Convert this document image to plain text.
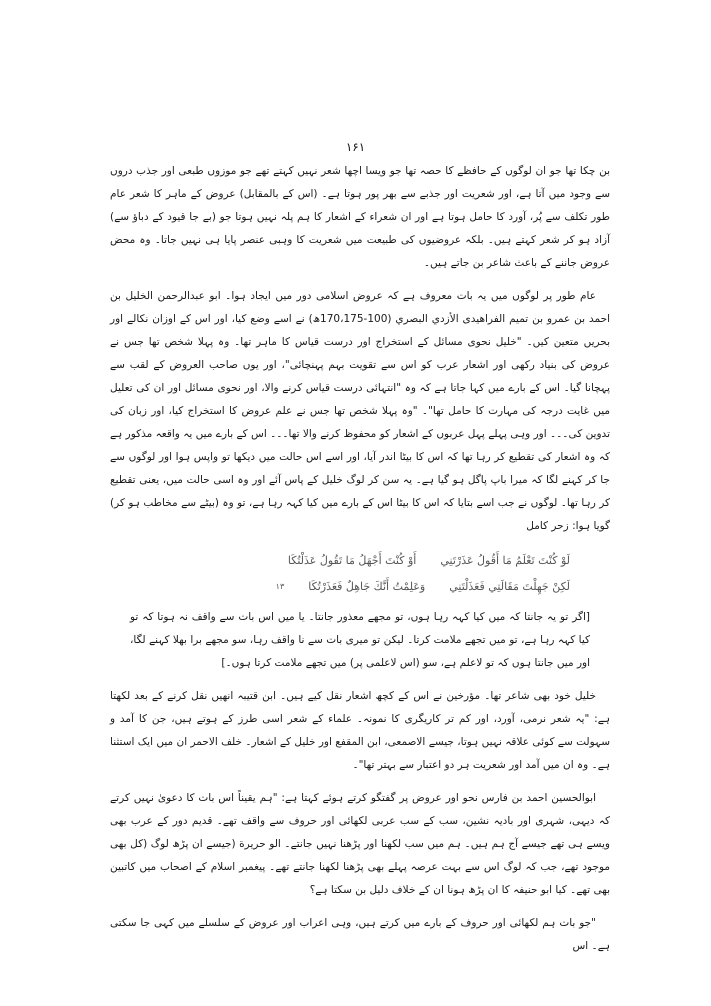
۱۶۱

بن چکا تھا جو ان لوگوں کے حافظے کا حصہ تھا جو ویسا اچھا شعر نہیں کہتے تھے جو موزوں طبعی اور جذب دروں سے وجود میں آتا ہے، اور شعریت اور جذبے سے بھر پور ہوتا ہے۔ (اس کے بالمقابل) عروض کے ماہر کا شعر عام طور تکلف سے پُر، آورد کا حامل ہوتا ہے اور ان شعراء کے اشعار کا ہم پلہ نہیں ہوتا جو (بے جا قیود کے دباؤ سے) آزاد ہو کر شعر کہتے ہیں۔ بلکہ عروضیوں کی طبیعت میں شعریت کا وہبی عنصر پایا ہی نہیں جاتا۔ وہ محض عروض جاننے کے باعث شاعر بن جاتے ہیں۔

عام طور پر لوگوں میں یہ بات معروف ہے کہ عروض اسلامی دور میں ایجاد ہوا۔ ابو عبدالرحمن الخلیل بن احمد بن عمرو بن تمیم الفراهیدی الأزدي البصري (100-170،175ھ) نے اسے وضع کیا، اور اس کے اوزان نکالے اور بحریں متعین کیں۔ "خلیل نحوی مسائل کے استخراج اور درست قیاس کا ماہر تھا۔ وہ پہلا شخص تھا جس نے عروض کی بنیاد رکھی اور اشعار عرب کو اس سے تقویت بہم پہنچائی"، اور یوں صاحب العروض کے لقب سے پہچانا گیا۔ اس کے بارے میں کہا جاتا ہے کہ وہ "انتہائی درست قیاس کرنے والا، اور نحوی مسائل اور ان کی تعلیل میں غایت درجہ کی مہارت کا حامل تھا"۔ "وہ پہلا شخص تھا جس نے علم عروض کا استخراج کیا، اور زبان کی تدوین کی۔۔۔ اور وہی پہلے پہل عربوں کے اشعار کو محفوظ کرنے والا تھا۔۔۔ اس کے بارے میں یہ واقعہ مذکور ہے کہ وہ اشعار کی تقطیع کر رہا تھا کہ اس کا بیٹا اندر آیا، اور اسے اس حالت میں دیکھا تو واپس ہوا اور لوگوں سے جا کر کہنے لگا کہ میرا باپ پاگل ہو گیا ہے۔ یہ سن کر لوگ خلیل کے پاس آئے اور وہ اسی حالت میں، یعنی تقطیع کر رہا تھا۔ لوگوں نے جب اسے بتایا کہ اس کا بیٹا اس کے بارے میں کیا کہہ رہا ہے، تو وہ (بیٹے سے مخاطب ہو کر) گویا ہوا: زحر کامل

لَوْ كُنْتَ تَعْلَمُ مَا أَقُولُ عَذَرْتَنِي
أَوْ كُنْتَ أَجْهَلُ مَا تَقُولُ عَذَلْتُكَا
لَكِنْ جَهِلْتَ مَقَالَتِي فَعَذَلْتَنِي
وَعَلِمْتُ أَنَّكَ جَاهِلٌ فَعَذَرْتُكَا
۱۳

[اگر تو یہ جانتا کہ میں کیا کہہ رہا ہوں، تو مجھے معذور جانتا۔ یا میں اس بات سے واقف نہ ہوتا کہ تو کیا کہہ رہا ہے، تو میں تجھے ملامت کرتا۔ لیکن تو میری بات سے نا واقف رہا، سو مجھے برا بھلا کہنے لگا، اور میں جانتا ہوں کہ تو لاعلم ہے، سو (اس لاعلمی پر) میں تجھے ملامت کرتا ہوں۔]

خلیل خود بھی شاعر تھا۔ مؤرخین نے اس کے کچھ اشعار نقل کیے ہیں۔ ابن قتیبہ انھیں نقل کرنے کے بعد لکھتا ہے: "یہ شعر نرمی، آورد، اور کم تر کاریگری کا نمونہ۔ علماء کے شعر اسی طرز کے ہوتے ہیں، جن کا آمد و سہولت سے کوئی علاقہ نہیں ہوتا، جیسے الاصمعی، ابن المقفع اور خلیل کے اشعار۔ خلف الاحمر ان میں ایک استثنا ہے۔ وہ ان میں آمد اور شعریت ہر دو اعتبار سے بہتر تھا"۔

ابوالحسین احمد بن فارس نحو اور عروض پر گفتگو کرتے ہوئے کہتا ہے: "ہم یقیناً اس بات کا دعویٰ نہیں کرتے کہ دیہی، شہری اور بادیہ نشین، سب کے سب عربی لکھائی اور حروف سے واقف تھے۔ قدیم دور کے عرب بھی ویسے ہی تھے جیسے آج ہم ہیں۔ ہم میں سب لکھنا اور پڑھنا نہیں جانتے۔ الو حریرة (جیسے ان پڑھ لوگ (کل بھی موجود تھے، جب کہ لوگ اس سے بہت عرصہ پہلے بھی پڑھنا لکھنا جانتے تھے۔ پیغمبر اسلام کے اصحاب میں کاتبین بھی تھے۔ کیا ابو حنیفہ کا ان پڑھ ہونا ان کے خلاف دلیل بن سکتا ہے؟

"جو بات ہم لکھائی اور حروف کے بارے میں کرتے ہیں، وہی اعراب اور عروض کے سلسلے میں کہی جا سکتی ہے۔ اس
